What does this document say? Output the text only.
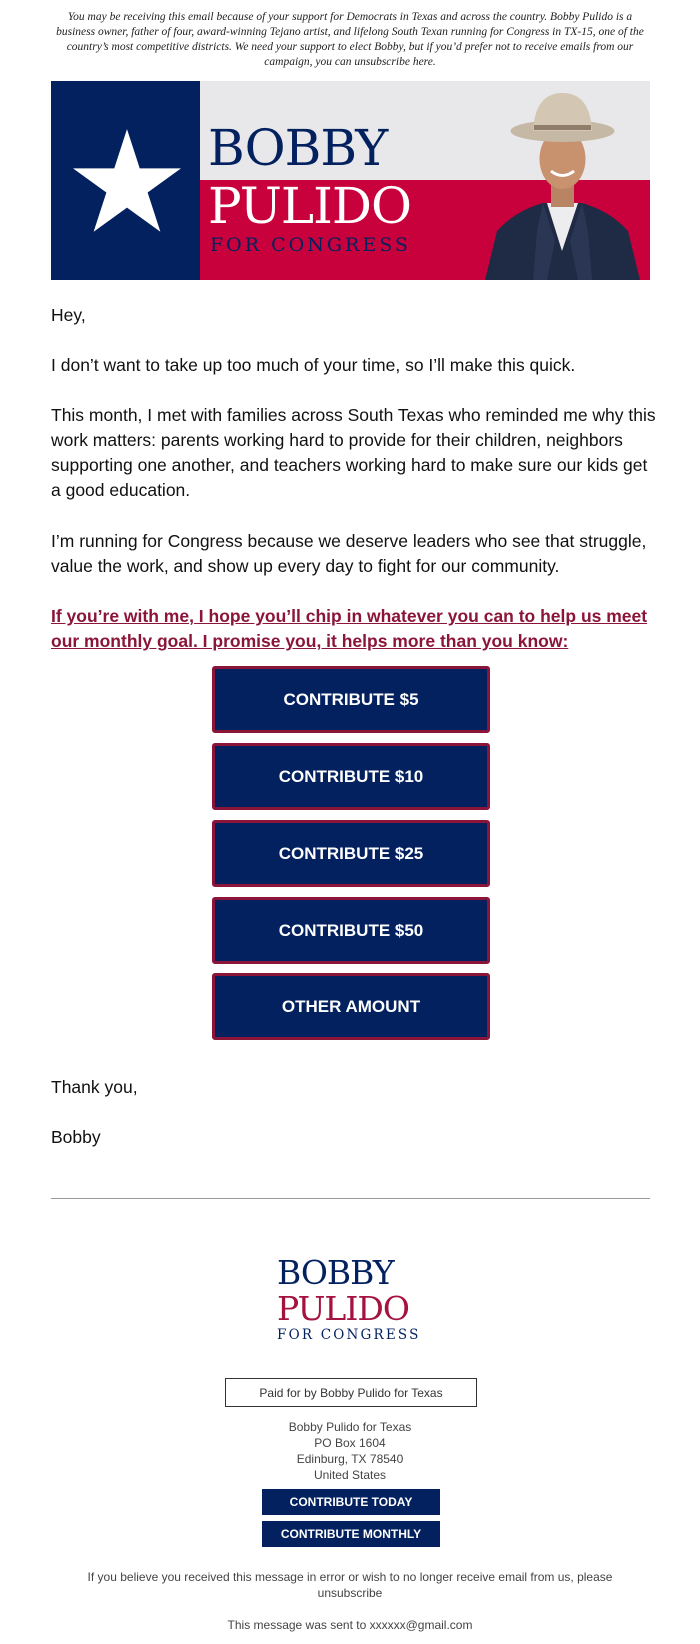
You may be receiving this email because of your support for Democrats in Texas and across the country. Bobby Pulido is a business owner, father of four, award-winning Tejano artist, and lifelong South Texan running for Congress in TX-15, one of the country’s most competitive districts. We need your support to elect Bobby, but if you’d prefer not to receive emails from our campaign, you can unsubscribe here.
BOBBY
PULIDO
FOR CONGRESS
Hey,
I don’t want to take up too much of your time, so I’ll make this quick.
This month, I met with families across South Texas who reminded me why this work matters: parents working hard to provide for their children, neighbors supporting one another, and teachers working hard to make sure our kids get a good education.
I’m running for Congress because we deserve leaders who see that struggle, value the work, and show up every day to fight for our community.
If you’re with me, I hope you’ll chip in whatever you can to help us meet our monthly goal. I promise you, it helps more than you know:
CONTRIBUTE $5
CONTRIBUTE $10
CONTRIBUTE $25
CONTRIBUTE $50
OTHER AMOUNT
Thank you,
Bobby
BOBBY
PULIDO
FOR CONGRESS
Paid for by Bobby Pulido for Texas
Bobby Pulido for Texas
PO Box 1604
Edinburg, TX 78540
United States
CONTRIBUTE TODAY
CONTRIBUTE MONTHLY
If you believe you received this message in error or wish to no longer receive email from us, please unsubscribe
This message was sent to xxxxxx@gmail.com
